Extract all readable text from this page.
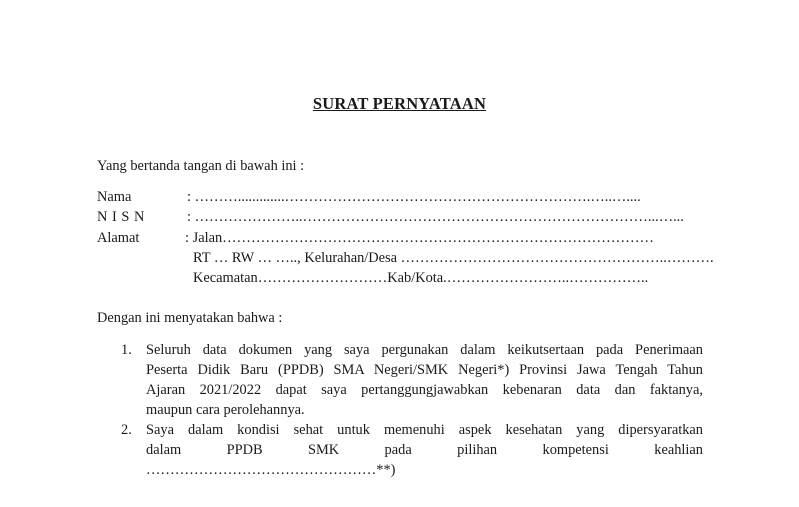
SURAT PERNYATAAN
Yang bertanda tangan di bawah ini :
Nama	: ……….............……………………………………………………….…..…....
N I S N	: …………………..………………………………………………………………...…...
Alamat	: Jalan………………………………………………………………………………
RT … RW … ….., Kelurahan/Desa ………………………………………………..……….
Kecamatan………………………Kab/Kota.……………………..……………..
Dengan ini menyatakan bahwa :
1. Seluruh data dokumen yang saya pergunakan dalam keikutsertaan pada Penerimaan
Peserta Didik Baru (PPDB) SMA Negeri/SMK Negeri*) Provinsi Jawa Tengah Tahun
Ajaran 2021/2022 dapat saya pertanggungjawabkan kebenaran data dan faktanya,
maupun cara perolehannya.
2. Saya dalam kondisi sehat untuk memenuhi aspek kesehatan yang dipersyaratkan
dalam PPDB SMK pada pilihan kompetensi keahlian
…………………………………………**)
